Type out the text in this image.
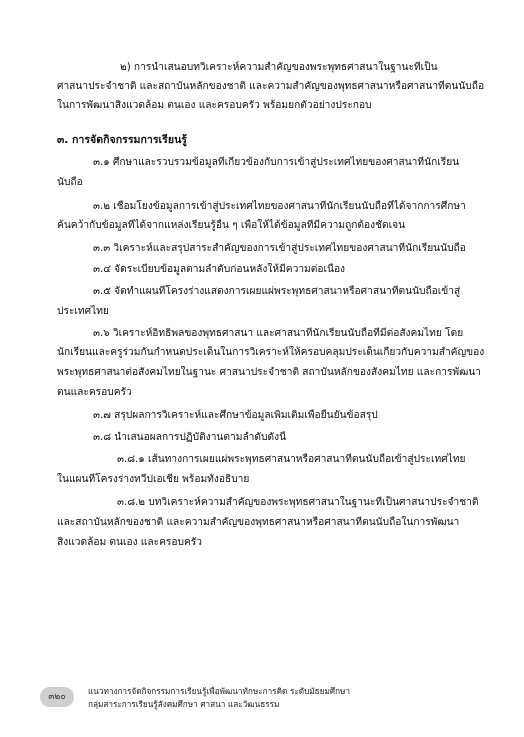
๒) การนำเสนอบทวิเคราะห์ความสำคัญของพระพุทธศาสนาในฐานะที่เป็น
ศาสนาประจำชาติ และสถาบันหลักของชาติ และความสำคัญของพุทธศาสนาหรือศาสนาที่ตนนับถือ
ในการพัฒนาสิ่งแวดล้อม ตนเอง และครอบครัว พร้อมยกตัวอย่างประกอบ
๓. การจัดกิจกรรมการเรียนรู้
๓.๑ ศึกษาและรวบรวมข้อมูลที่เกี่ยวข้องกับการเข้าสู่ประเทศไทยของศาสนาที่นักเรียน
นับถือ
๓.๒ เชื่อมโยงข้อมูลการเข้าสู่ประเทศไทยของศาสนาที่นักเรียนนับถือที่ได้จากการศึกษา
ค้นคว้ากับข้อมูลที่ได้จากแหล่งเรียนรู้อื่น ๆ เพื่อให้ได้ข้อมูลที่มีความถูกต้องชัดเจน
๓.๓ วิเคราะห์และสรุปสาระสำคัญของการเข้าสู่ประเทศไทยของศาสนาที่นักเรียนนับถือ
๓.๔ จัดระเบียบข้อมูลตามลำดับก่อนหลังให้มีความต่อเนื่อง
๓.๕ จัดทำแผนที่โครงร่างแสดงการเผยแผ่พระพุทธศาสนาหรือศาสนาที่ตนนับถือเข้าสู่
ประเทศไทย
๓.๖ วิเคราะห์อิทธิพลของพุทธศาสนา และศาสนาที่นักเรียนนับถือที่มีต่อสังคมไทย โดย
นักเรียนและครูร่วมกันกำหนดประเด็นในการวิเคราะห์ให้ครอบคลุมประเด็นเกี่ยวกับความสำคัญของ
พระพุทธศาสนาต่อสังคมไทยในฐานะ ศาสนาประจำชาติ สถาบันหลักของสังคมไทย และการพัฒนา
ตนและครอบครัว
๓.๗ สรุปผลการวิเคราะห์และศึกษาข้อมูลเพิ่มเติมเพื่อยืนยันข้อสรุป
๓.๘ นำเสนอผลการปฏิบัติงานตามลำดับดังนี้
๓.๘.๑ เส้นทางการเผยแผ่พระพุทธศาสนาหรือศาสนาที่ตนนับถือเข้าสู่ประเทศไทย
ในแผนที่โครงร่างทวีปเอเชีย พร้อมทั้งอธิบาย
๓.๘.๒ บทวิเคราะห์ความสำคัญของพระพุทธศาสนาในฐานะที่เป็นศาสนาประจำชาติ
และสถาบันหลักของชาติ และความสำคัญของพุทธศาสนาหรือศาสนาที่ตนนับถือในการพัฒนา
สิ่งแวดล้อม ตนเอง และครอบครัว
๓๒๐
แนวทางการจัดกิจกรรมการเรียนรู้เพื่อพัฒนาทักษะการคิด ระดับมัธยมศึกษา
กลุ่มสาระการเรียนรู้สังคมศึกษา ศาสนา และวัฒนธรรม
